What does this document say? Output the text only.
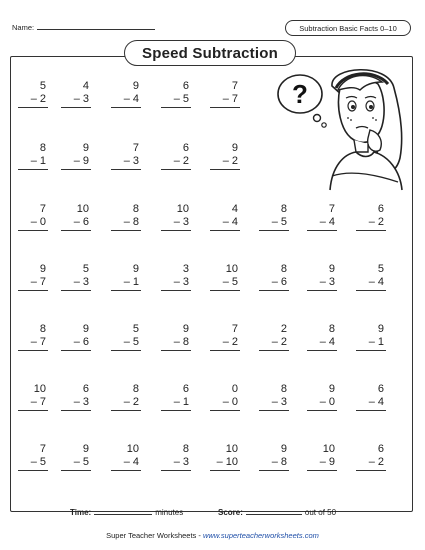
Name:	Subtraction Basic Facts 0–10
Speed Subtraction
5
– 2
4
– 3
9
– 4
6
– 5
7
– 7
8
– 1
9
– 9
7
– 3
6
– 2
9
– 2
7
– 0
10
– 6
8
– 8
10
– 3
4
– 4
8
– 5
7
– 4
6
– 2
9
– 7
5
– 3
9
– 1
3
– 3
10
– 5
8
– 6
9
– 3
5
– 4
8
– 7
9
– 6
5
– 5
9
– 8
7
– 2
2
– 2
8
– 4
9
– 1
10
– 7
6
– 3
8
– 2
6
– 1
0
– 0
8
– 3
9
– 0
6
– 4
7
– 5
9
– 5
10
– 4
8
– 3
10
– 10
9
– 8
10
– 9
6
– 2
?
Time:	minutes	Score:	out of 50
Super Teacher Worksheets - www.superteacherworksheets.com
